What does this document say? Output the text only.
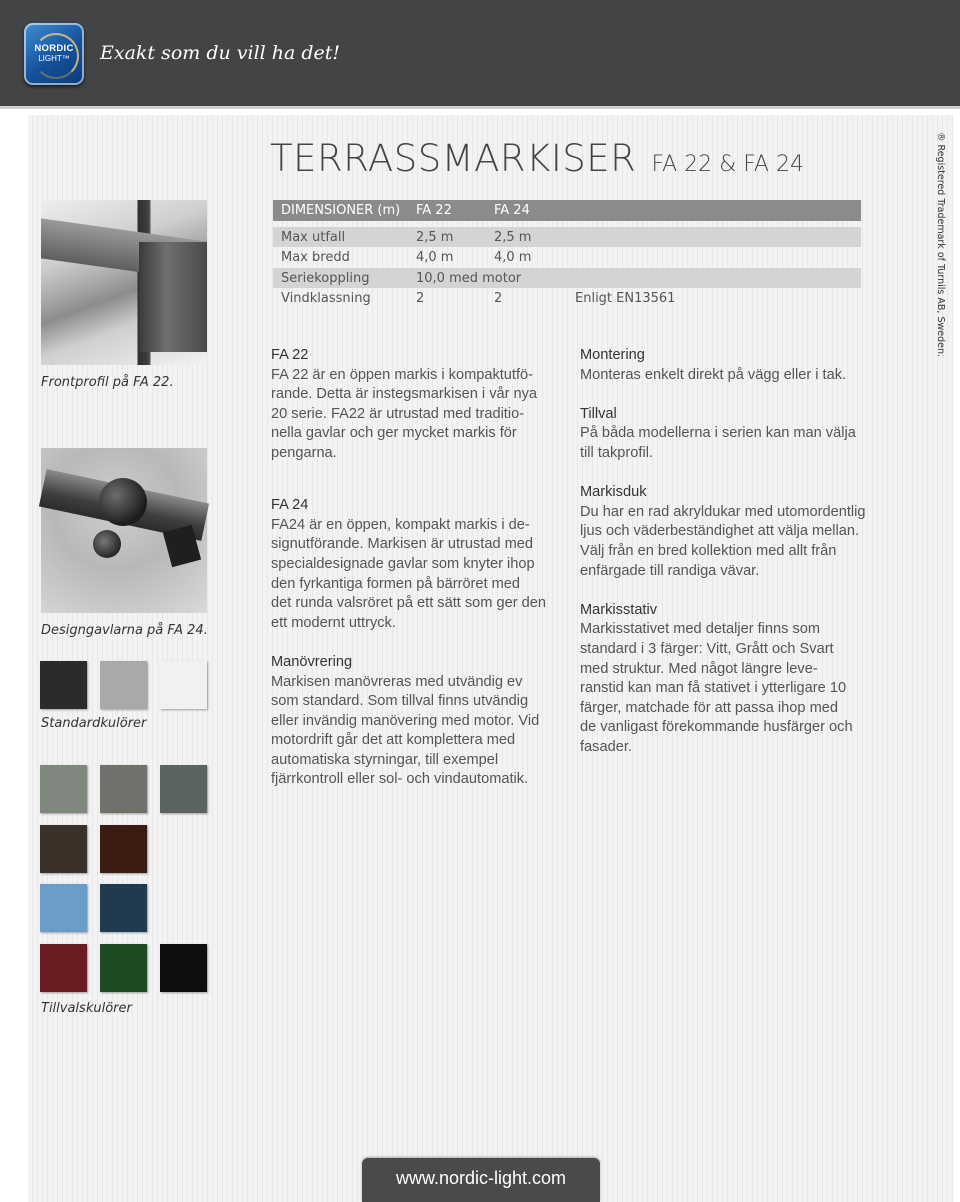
NORDIC
LIGHT™	Exakt som du vill ha det!
® Registered Trademark of Turnils AB, Sweden.
TERRASSMARKISER FA 22 & FA 24
DIMENSIONER (m) FA 22	FA 24
Max utfall	2,5 m	2,5 m
Max bredd	4,0 m	4,0 m
Seriekoppling	10,0 med motor
Vindklassning	2	2	Enligt EN13561
Frontprofil på FA 22.
Designgavlarna på FA 24.
Standardkulörer
Tillvalskulörer
FA 22
FA 22 är en öppen markis i kompaktutfö-
rande. Detta är instegsmarkisen i vår nya
20 serie. FA22 är utrustad med traditio-
nella gavlar och ger mycket markis för
pengarna.
FA 24
FA24 är en öppen, kompakt markis i de-
signutförande. Markisen är utrustad med
specialdesignade gavlar som knyter ihop
den fyrkantiga formen på bärröret med
det runda valsröret på ett sätt som ger den
ett modernt uttryck.
Manövrering
Markisen manövreras med utvändig ev
som standard. Som tillval finns utvändig
eller invändig manövering med motor. Vid
motordrift går det att komplettera med
automatiska styrningar, till exempel
fjärrkontroll eller sol- och vindautomatik.
Montering
Monteras enkelt direkt på vägg eller i tak.
Tillval
På båda modellerna i serien kan man välja
till takprofil.
Markisduk
Du har en rad akryldukar med utomordentlig
ljus och väderbeständighet att välja mellan.
Välj från en bred kollektion med allt från
enfärgade till randiga vävar.
Markisstativ
Markisstativet med detaljer finns som
standard i 3 färger: Vitt, Grått och Svart
med struktur. Med något längre leve-
ranstid kan man få stativet i ytterligare 10
färger, matchade för att passa ihop med
de vanligast förekommande husfärger och
fasader.
www.nordic-light.com
